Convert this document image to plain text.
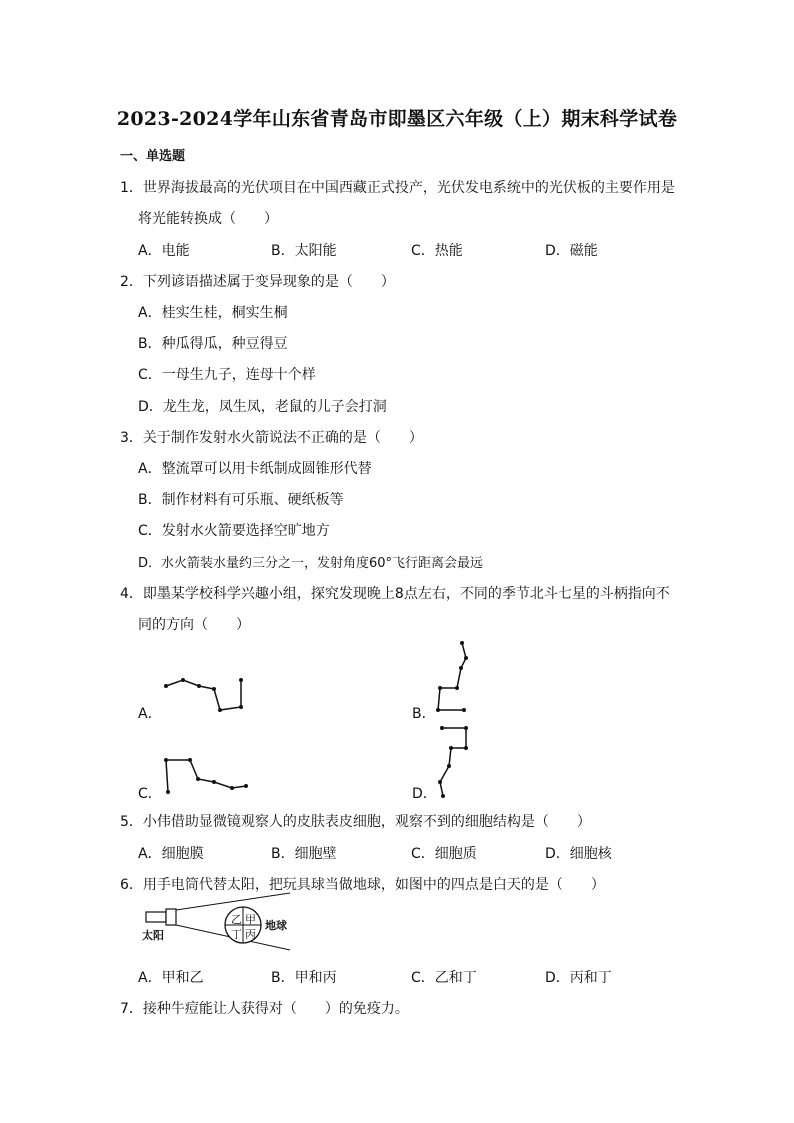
2023-2024学年山东省青岛市即墨区六年级（上）期末科学试卷
一、单选题
1．世界海拔最高的光伏项目在中国西藏正式投产，光伏发电系统中的光伏板的主要作用是
将光能转换成（　　）
A．电能	B．太阳能	C．热能	D．磁能
2．下列谚语描述属于变异现象的是（　　）
A．桂实生桂，桐实生桐
B．种瓜得瓜，种豆得豆
C．一母生九子，连母十个样
D．龙生龙，凤生凤，老鼠的儿子会打洞
3．关于制作发射水火箭说法不正确的是（　　）
A．整流罩可以用卡纸制成圆锥形代替
B．制作材料有可乐瓶、硬纸板等
C．发射水火箭要选择空旷地方
D．水火箭装水量约三分之一，发射角度60°飞行距离会最远
4．即墨某学校科学兴趣小组，探究发现晚上8点左右，不同的季节北斗七星的斗柄指向不
同的方向（　　）
A．	B．
C．	D．
5．小伟借助显微镜观察人的皮肤表皮细胞，观察不到的细胞结构是（　　）
A．细胞膜	B．细胞壁	C．细胞质	D．细胞核
6．用手电筒代替太阳，把玩具球当做地球，如图中的四点是白天的是（　　）
太阳
地球
乙 甲
丁 丙
A．甲和乙	B．甲和丙	C．乙和丁	D．丙和丁
7．接种牛痘能让人获得对（　　）的免疫力。
